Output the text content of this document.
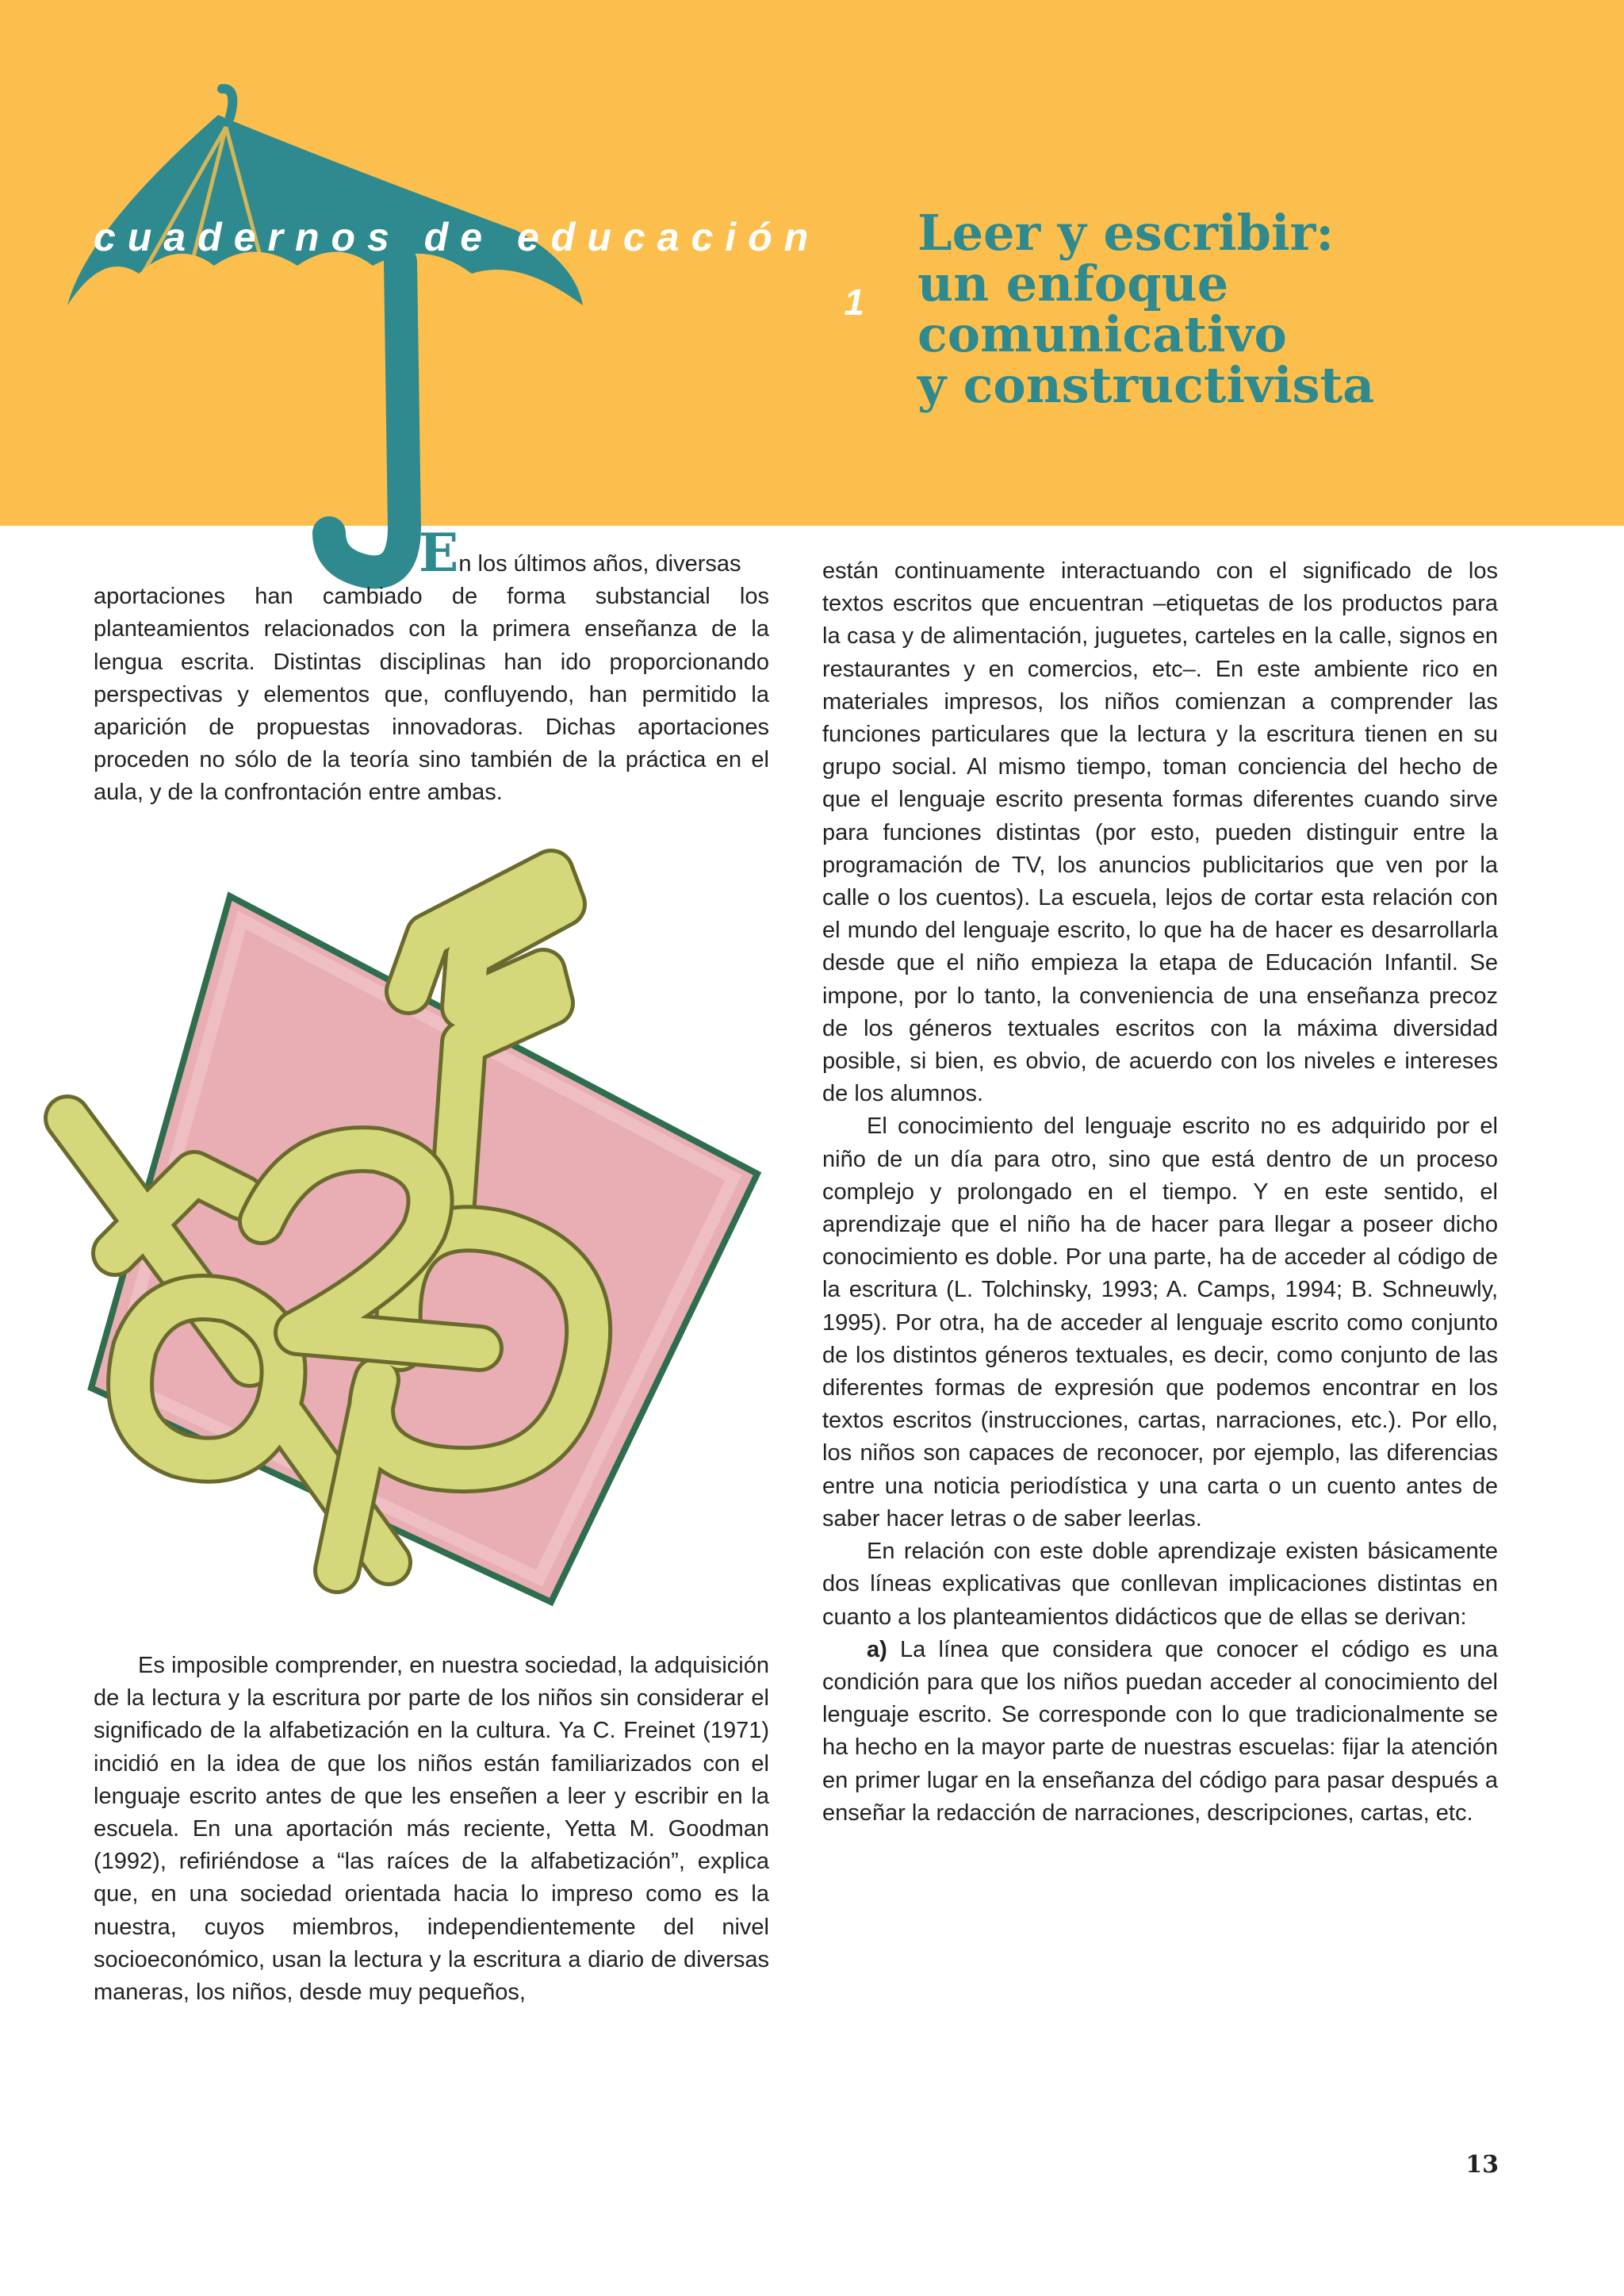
cuadernos de educación
1
Leer y escribir:
un enfoque
comunicativo
y constructivista

En los últimos años, diversas

aportaciones han cambiado de forma substancial los planteamientos relacionados con la primera enseñanza de la lengua escrita. Distintas disciplinas han ido proporcionando perspectivas y elementos que, confluyendo, han permitido la aparición de propuestas innovadoras. Dichas aportaciones proceden no sólo de la teoría sino también de la práctica en el aula, y de la confrontación entre ambas.

Es imposible comprender, en nuestra sociedad, la adquisición de la lectura y la escritura por parte de los niños sin considerar el significado de la alfabetización en la cultura. Ya C. Freinet (1971) incidió en la idea de que los niños están familiarizados con el lenguaje escrito antes de que les enseñen a leer y escribir en la escuela. En una aportación más reciente, Yetta M. Goodman (1992), refiriéndose a “las raíces de la alfabetización”, explica que, en una sociedad orientada hacia lo impreso como es la nuestra, cuyos miembros, independientemente del nivel socioeconómico, usan la lectura y la escritura a diario de diversas maneras, los niños, desde muy pequeños,

están continuamente interactuando con el significado de los textos escritos que encuentran –etiquetas de los productos para la casa y de alimentación, juguetes, carteles en la calle, signos en restaurantes y en comercios, etc–. En este ambiente rico en materiales impresos, los niños comienzan a comprender las funciones particulares que la lectura y la escritura tienen en su grupo social. Al mismo tiempo, toman conciencia del hecho de que el lenguaje escrito presenta formas diferentes cuando sirve para funciones distintas (por esto, pueden distinguir entre la programación de TV, los anuncios publicitarios que ven por la calle o los cuentos). La escuela, lejos de cortar esta relación con el mundo del lenguaje escrito, lo que ha de hacer es desarrollarla desde que el niño empieza la etapa de Educación Infantil. Se impone, por lo tanto, la conveniencia de una enseñanza precoz de los géneros textuales escritos con la máxima diversidad posible, si bien, es obvio, de acuerdo con los niveles e intereses de los alumnos.

El conocimiento del lenguaje escrito no es adquirido por el niño de un día para otro, sino que está dentro de un proceso complejo y prolongado en el tiempo. Y en este sentido, el aprendizaje que el niño ha de hacer para llegar a poseer dicho conocimiento es doble. Por una parte, ha de acceder al código de la escritura (L. Tolchinsky, 1993; A. Camps, 1994; B. Schneuwly, 1995). Por otra, ha de acceder al lenguaje escrito como conjunto de los distintos géneros textuales, es decir, como conjunto de las diferentes formas de expresión que podemos encontrar en los textos escritos (instrucciones, cartas, narraciones, etc.). Por ello, los niños son capaces de reconocer, por ejemplo, las diferencias entre una noticia periodística y una carta o un cuento antes de saber hacer letras o de saber leerlas.

En relación con este doble aprendizaje existen básicamente dos líneas explicativas que conllevan implicaciones distintas en cuanto a los planteamientos didácticos que de ellas se derivan:

a) La línea que considera que conocer el código es una condición para que los niños puedan acceder al conocimiento del lenguaje escrito. Se corresponde con lo que tradicionalmente se ha hecho en la mayor parte de nuestras escuelas: fijar la atención en primer lugar en la enseñanza del código para pasar después a enseñar la redacción de narraciones, descripciones, cartas, etc.

13
